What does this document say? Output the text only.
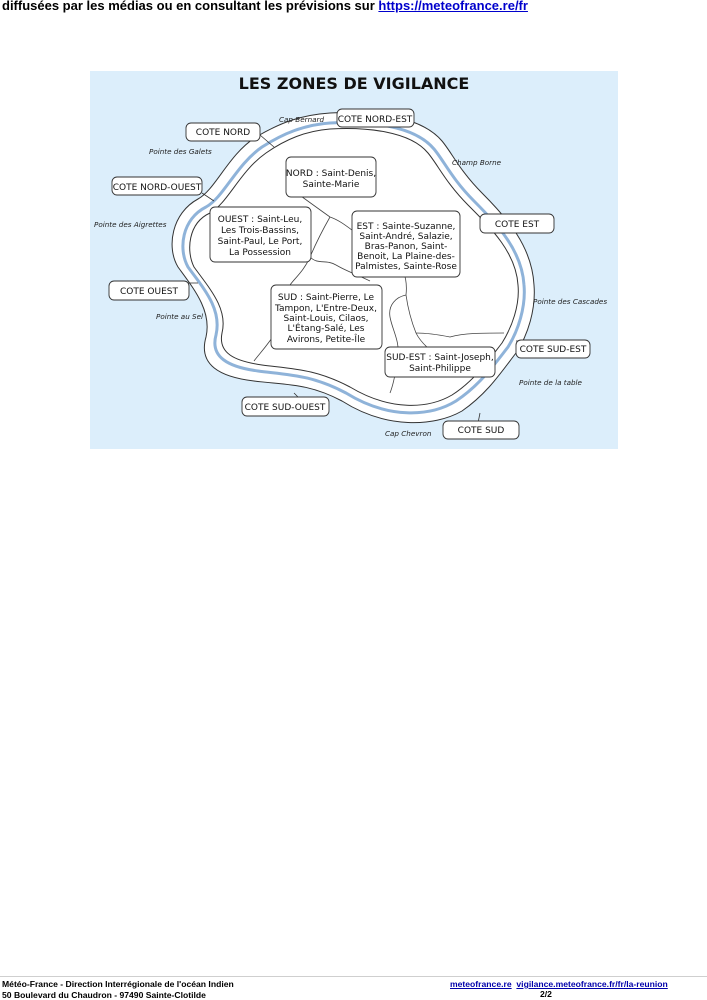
diffusées par les médias ou en consultant les prévisions sur https://meteofrance.re/fr
LES ZONES DE VIGILANCE
NORD : Saint-Denis,
Sainte-Marie
OUEST : Saint-Leu,
Les Trois-Bassins,
Saint-Paul, Le Port,
La Possession
EST : Sainte-Suzanne,
Saint-André, Salazie,
Bras-Panon, Saint-
Benoit, La Plaine-des-
Palmistes, Sainte-Rose
SUD : Saint-Pierre, Le
Tampon, L'Entre-Deux,
Saint-Louis, Cilaos,
L'Étang-Salé, Les
Avirons, Petite-Île
SUD-EST : Saint-Joseph,
Saint-Philippe
COTE NORD
COTE NORD-EST
COTE NORD-OUEST
COTE EST
COTE OUEST
COTE SUD-EST
COTE SUD-OUEST
COTE SUD
Cap Bernard
Pointe des Galets
Champ Borne
Pointe des Aigrettes
Pointe des Cascades
Pointe au Sel
Pointe de la table
Cap Chevron
Météo-France - Direction Interrégionale de l'océan Indien
50 Boulevard du Chaudron - 97490 Sainte-Clotilde
meteofrance.re vigilance.meteofrance.fr/fr/la-reunion
2/2
